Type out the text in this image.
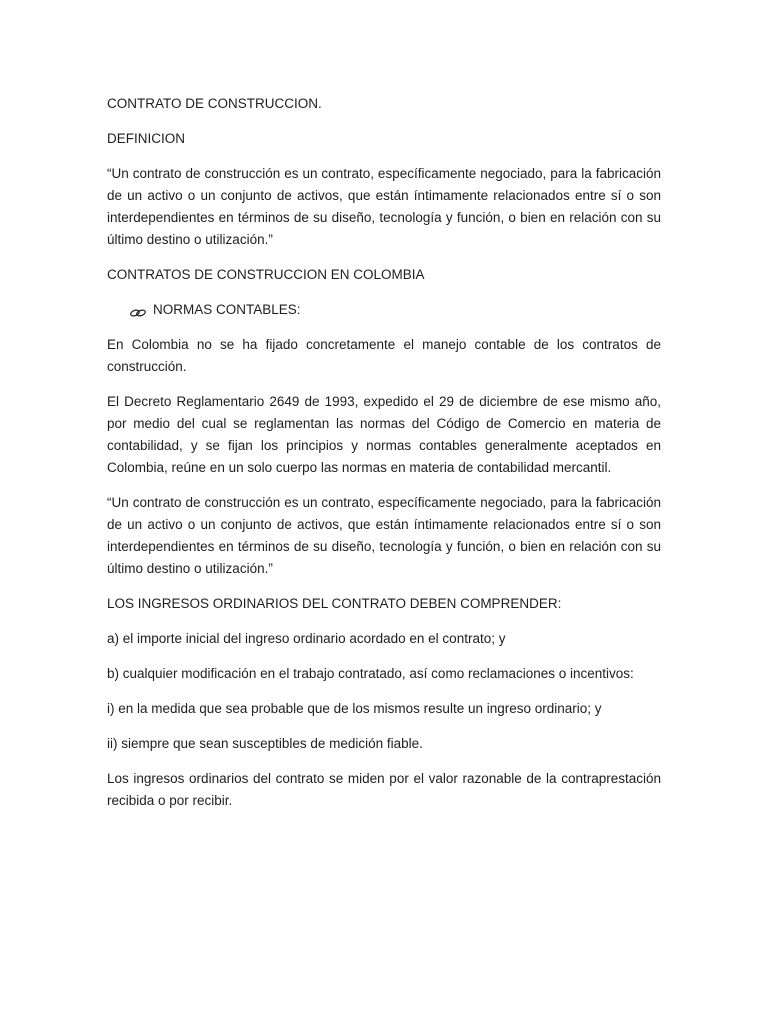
CONTRATO DE CONSTRUCCION.

DEFINICION

“Un contrato de construcción es un contrato, específicamente negociado, para la fabricación de un activo o un conjunto de activos, que están íntimamente relacionados entre sí o son interdependientes en términos de su diseño, tecnología y función, o bien en relación con su último destino o utilización.”

CONTRATOS DE CONSTRUCCION EN COLOMBIA

NORMAS CONTABLES:

En Colombia no se ha fijado concretamente el manejo contable de los contratos de construcción.

El Decreto Reglamentario 2649 de 1993, expedido el 29 de diciembre de ese mismo año, por medio del cual se reglamentan las normas del Código de Comercio en materia de contabilidad, y se fijan los principios y normas contables generalmente aceptados en Colombia, reúne en un solo cuerpo las normas en materia de contabilidad mercantil.

“Un contrato de construcción es un contrato, específicamente negociado, para la fabricación de un activo o un conjunto de activos, que están íntimamente relacionados entre sí o son interdependientes en términos de su diseño, tecnología y función, o bien en relación con su último destino o utilización.”

LOS INGRESOS ORDINARIOS DEL CONTRATO DEBEN COMPRENDER:

a) el importe inicial del ingreso ordinario acordado en el contrato; y

b) cualquier modificación en el trabajo contratado, así como reclamaciones o incentivos:

i) en la medida que sea probable que de los mismos resulte un ingreso ordinario; y

ii) siempre que sean susceptibles de medición fiable.

Los ingresos ordinarios del contrato se miden por el valor razonable de la contraprestación recibida o por recibir.
